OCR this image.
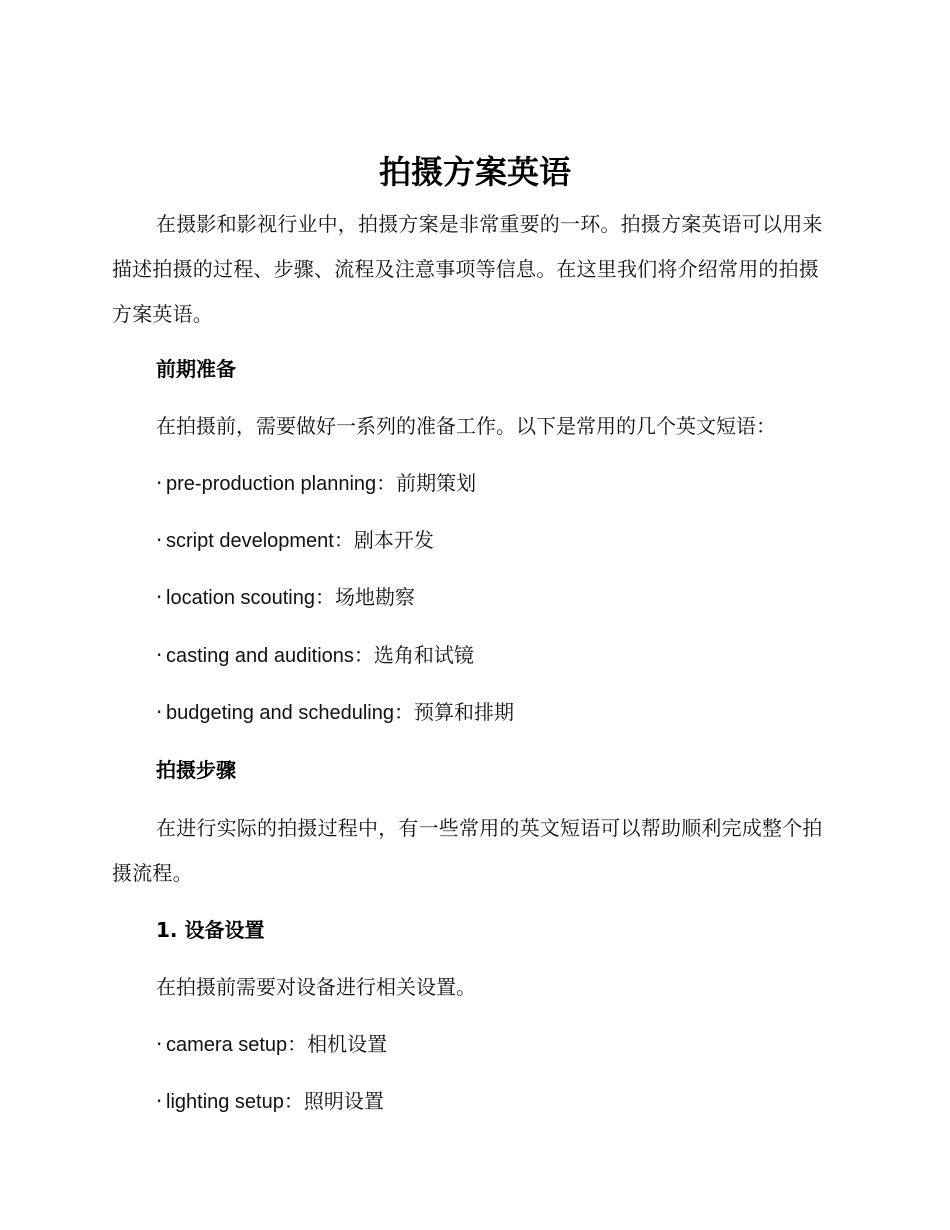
拍摄方案英语

在摄影和影视行业中，拍摄方案是非常重要的一环。拍摄方案英语可以用来描述拍摄的过程、步骤、流程及注意事项等信息。在这里我们将介绍常用的拍摄方案英语。

前期准备

在拍摄前，需要做好一系列的准备工作。以下是常用的几个英文短语：

· pre-production planning：前期策划

· script development：剧本开发

· location scouting：场地勘察

· casting and auditions：选角和试镜

· budgeting and scheduling：预算和排期

拍摄步骤

在进行实际的拍摄过程中，有一些常用的英文短语可以帮助顺利完成整个拍摄流程。

1. 设备设置

在拍摄前需要对设备进行相关设置。

· camera setup：相机设置

· lighting setup：照明设置
